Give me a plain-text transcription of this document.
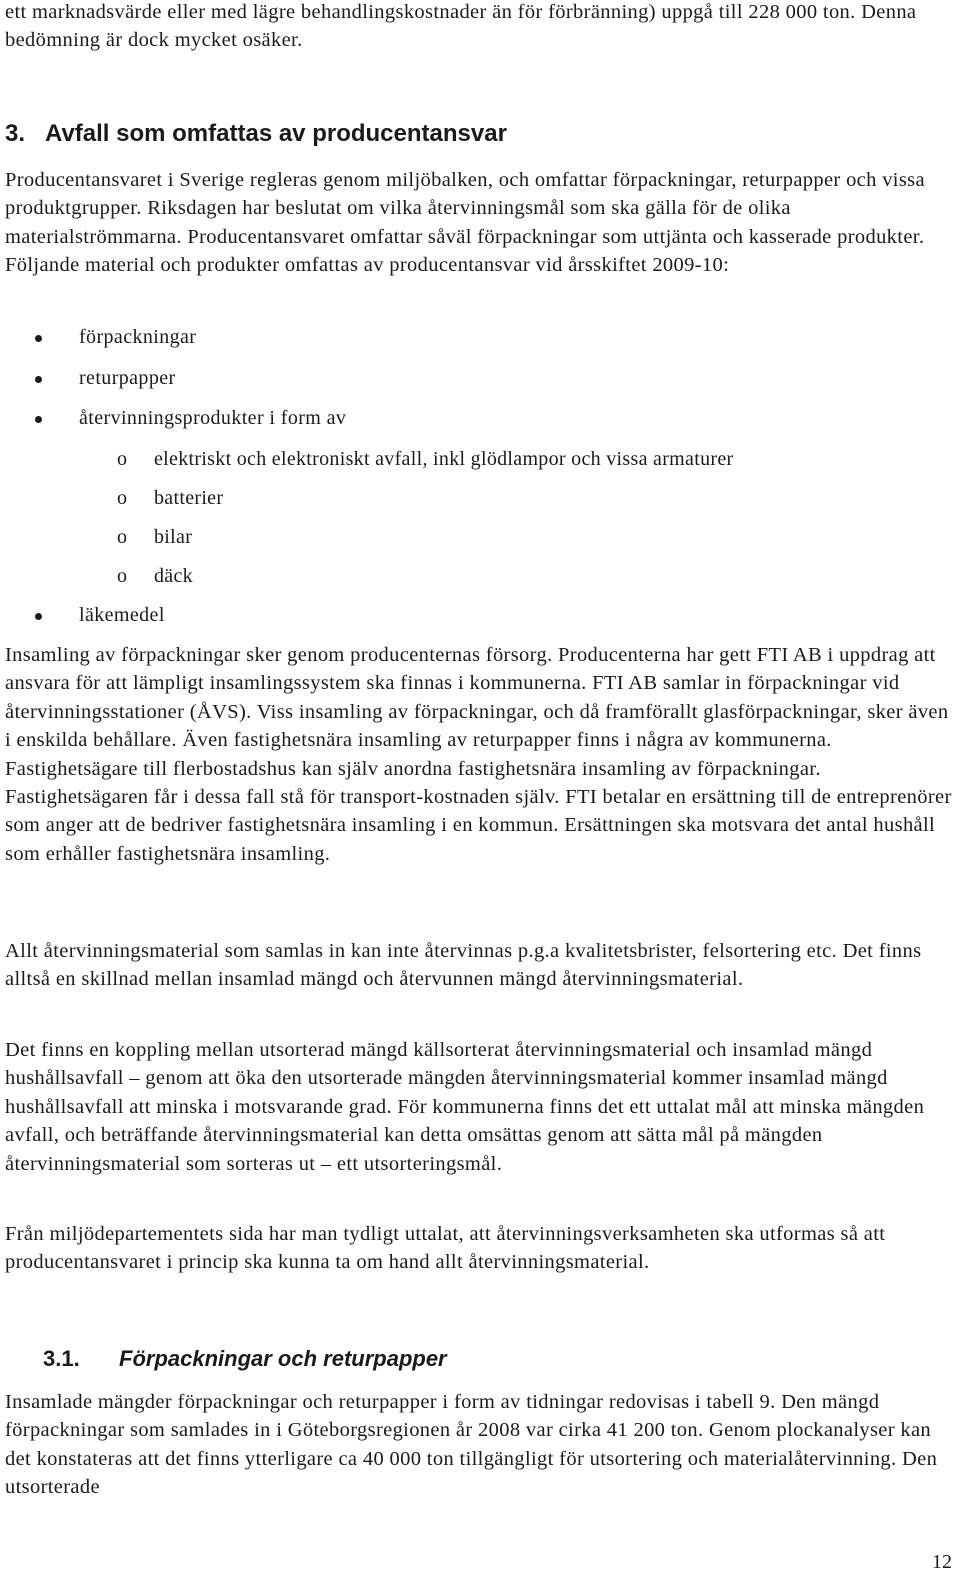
ett marknadsvärde eller med lägre behandlingskostnader än för förbränning) uppgå till 228 000 ton. Denna bedömning är dock mycket osäker.

3. Avfall som omfattas av producentansvar

Producentansvaret i Sverige regleras genom miljöbalken, och omfattar förpackningar, returpapper och vissa produktgrupper. Riksdagen har beslutat om vilka återvinningsmål som ska gälla för de olika materialströmmarna. Producentansvaret omfattar såväl förpackningar som uttjänta och kasserade produkter. Följande material och produkter omfattas av producentansvar vid årsskiftet 2009-10:

förpackningar
returpapper
återvinningsprodukter i form av
o elektriskt och elektroniskt avfall, inkl glödlampor och vissa armaturer
o batterier
o bilar
o däck
läkemedel

Insamling av förpackningar sker genom producenternas försorg. Producenterna har gett FTI AB i uppdrag att ansvara för att lämpligt insamlingssystem ska finnas i kommunerna. FTI AB samlar in förpackningar vid återvinningsstationer (ÅVS). Viss insamling av förpackningar, och då framförallt glasförpackningar, sker även i enskilda behållare. Även fastighetsnära insamling av returpapper finns i några av kommunerna. Fastighetsägare till flerbostadshus kan själv anordna fastighetsnära insamling av förpackningar. Fastighetsägaren får i dessa fall stå för transport-kostnaden själv. FTI betalar en ersättning till de entreprenörer som anger att de bedriver fastighetsnära insamling i en kommun. Ersättningen ska motsvara det antal hushåll som erhåller fastighetsnära insamling.

Allt återvinningsmaterial som samlas in kan inte återvinnas p.g.a kvalitetsbrister, felsortering etc. Det finns alltså en skillnad mellan insamlad mängd och återvunnen mängd återvinningsmaterial.

Det finns en koppling mellan utsorterad mängd källsorterat återvinningsmaterial och insamlad mängd hushållsavfall – genom att öka den utsorterade mängden återvinningsmaterial kommer insamlad mängd hushållsavfall att minska i motsvarande grad. För kommunerna finns det ett uttalat mål att minska mängden avfall, och beträffande återvinningsmaterial kan detta omsättas genom att sätta mål på mängden återvinningsmaterial som sorteras ut – ett utsorteringsmål.

Från miljödepartementets sida har man tydligt uttalat, att återvinningsverksamheten ska utformas så att producentansvaret i princip ska kunna ta om hand allt återvinningsmaterial.

3.1. Förpackningar och returpapper

Insamlade mängder förpackningar och returpapper i form av tidningar redovisas i tabell 9. Den mängd förpackningar som samlades in i Göteborgsregionen år 2008 var cirka 41 200 ton. Genom plockanalyser kan det konstateras att det finns ytterligare ca 40 000 ton tillgängligt för utsortering och materialåtervinning. Den utsorterade

12
